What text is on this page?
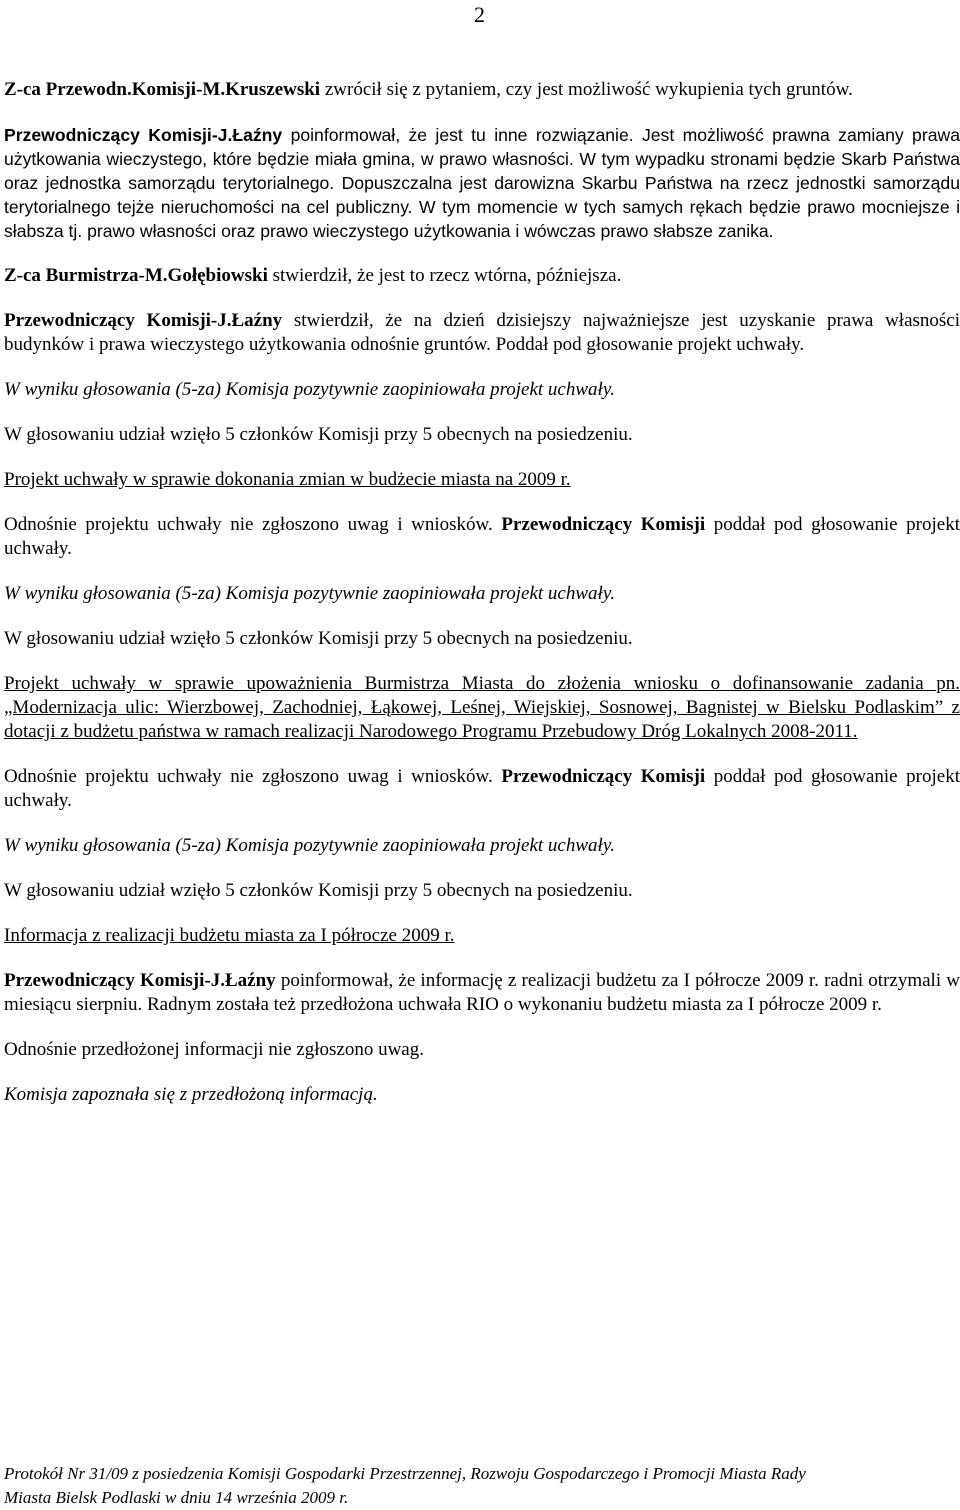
2

Z-ca Przewodn.Komisji-M.Kruszewski zwrócił się z pytaniem, czy jest możliwość wykupienia tych gruntów.

Przewodniczący Komisji-J.Łaźny poinformował, że jest tu inne rozwiązanie. Jest możliwość prawna zamiany prawa użytkowania wieczystego, które będzie miała gmina, w prawo własności. W tym wypadku stronami będzie Skarb Państwa oraz jednostka samorządu terytorialnego. Dopuszczalna jest darowizna Skarbu Państwa na rzecz jednostki samorządu terytorialnego tejże nieruchomości na cel publiczny. W tym momencie w tych samych rękach będzie prawo mocniejsze i słabsza tj. prawo własności oraz prawo wieczystego użytkowania i wówczas prawo słabsze zanika.

Z-ca Burmistrza-M.Gołębiowski stwierdził, że jest to rzecz wtórna, późniejsza.

Przewodniczący Komisji-J.Łaźny stwierdził, że na dzień dzisiejszy najważniejsze jest uzyskanie prawa własności budynków i prawa wieczystego użytkowania odnośnie gruntów. Poddał pod głosowanie projekt uchwały.

W wyniku głosowania (5-za) Komisja pozytywnie zaopiniowała projekt uchwały.

W głosowaniu udział wzięło 5 członków Komisji przy 5 obecnych na posiedzeniu.

Projekt uchwały w sprawie dokonania zmian w budżecie miasta na 2009 r.

Odnośnie projektu uchwały nie zgłoszono uwag i wniosków. Przewodniczący Komisji poddał pod głosowanie projekt uchwały.

W wyniku głosowania (5-za) Komisja pozytywnie zaopiniowała projekt uchwały.

W głosowaniu udział wzięło 5 członków Komisji przy 5 obecnych na posiedzeniu.

Projekt uchwały w sprawie upoważnienia Burmistrza Miasta do złożenia wniosku o dofinansowanie zadania pn. „Modernizacja ulic: Wierzbowej, Zachodniej, Łąkowej, Leśnej, Wiejskiej, Sosnowej, Bagnistej w Bielsku Podlaskim” z dotacji z budżetu państwa w ramach realizacji Narodowego Programu Przebudowy Dróg Lokalnych 2008-2011.

Odnośnie projektu uchwały nie zgłoszono uwag i wniosków. Przewodniczący Komisji poddał pod głosowanie projekt uchwały.

W wyniku głosowania (5-za) Komisja pozytywnie zaopiniowała projekt uchwały.

W głosowaniu udział wzięło 5 członków Komisji przy 5 obecnych na posiedzeniu.

Informacja z realizacji budżetu miasta za I półrocze 2009 r.

Przewodniczący Komisji-J.Łaźny poinformował, że informację z realizacji budżetu za I półrocze 2009 r. radni otrzymali w miesiącu sierpniu. Radnym została też przedłożona uchwała RIO o wykonaniu budżetu miasta za I półrocze 2009 r.

Odnośnie przedłożonej informacji nie zgłoszono uwag.

Komisja zapoznała się z przedłożoną informacją.

Protokół Nr 31/09 z posiedzenia Komisji Gospodarki Przestrzennej, Rozwoju Gospodarczego i Promocji Miasta Rady
Miasta Bielsk Podlaski w dniu 14 września 2009 r.
